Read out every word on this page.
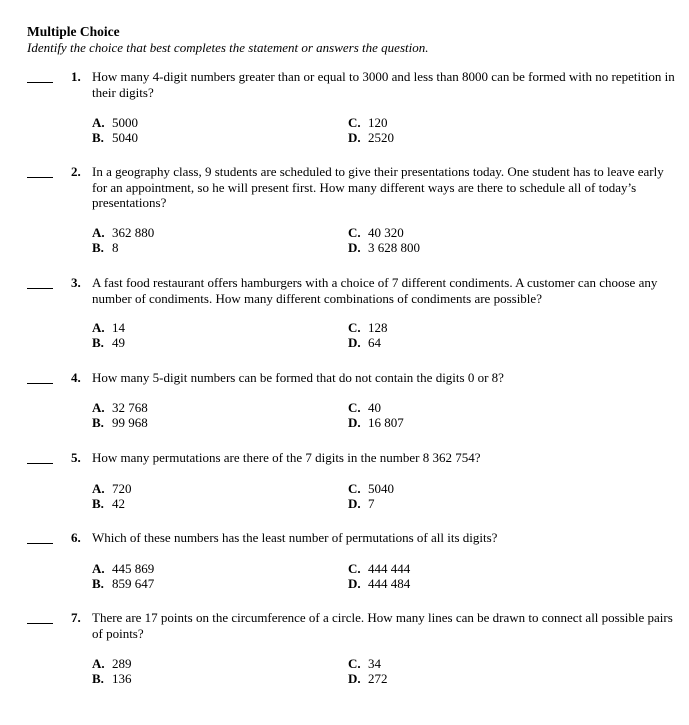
Multiple Choice
Identify the choice that best completes the statement or answers the question.
1. How many 4-digit numbers greater than or equal to 3000 and less than 8000 can be formed with no repetition in their digits?
A. 5000
B. 5040
C. 120
D. 2520
2. In a geography class, 9 students are scheduled to give their presentations today. One student has to leave early for an appointment, so he will present first. How many different ways are there to schedule all of today’s presentations?
A. 362 880
B. 8
C. 40 320
D. 3 628 800
3. A fast food restaurant offers hamburgers with a choice of 7 different condiments. A customer can choose any number of condiments. How many different combinations of condiments are possible?
A. 14
B. 49
C. 128
D. 64
4. How many 5-digit numbers can be formed that do not contain the digits 0 or 8?
A. 32 768
B. 99 968
C. 40
D. 16 807
5. How many permutations are there of the 7 digits in the number 8 362 754?
A. 720
B. 42
C. 5040
D. 7
6. Which of these numbers has the least number of permutations of all its digits?
A. 445 869
B. 859 647
C. 444 444
D. 444 484
7. There are 17 points on the circumference of a circle. How many lines can be drawn to connect all possible pairs of points?
A. 289
B. 136
C. 34
D. 272
